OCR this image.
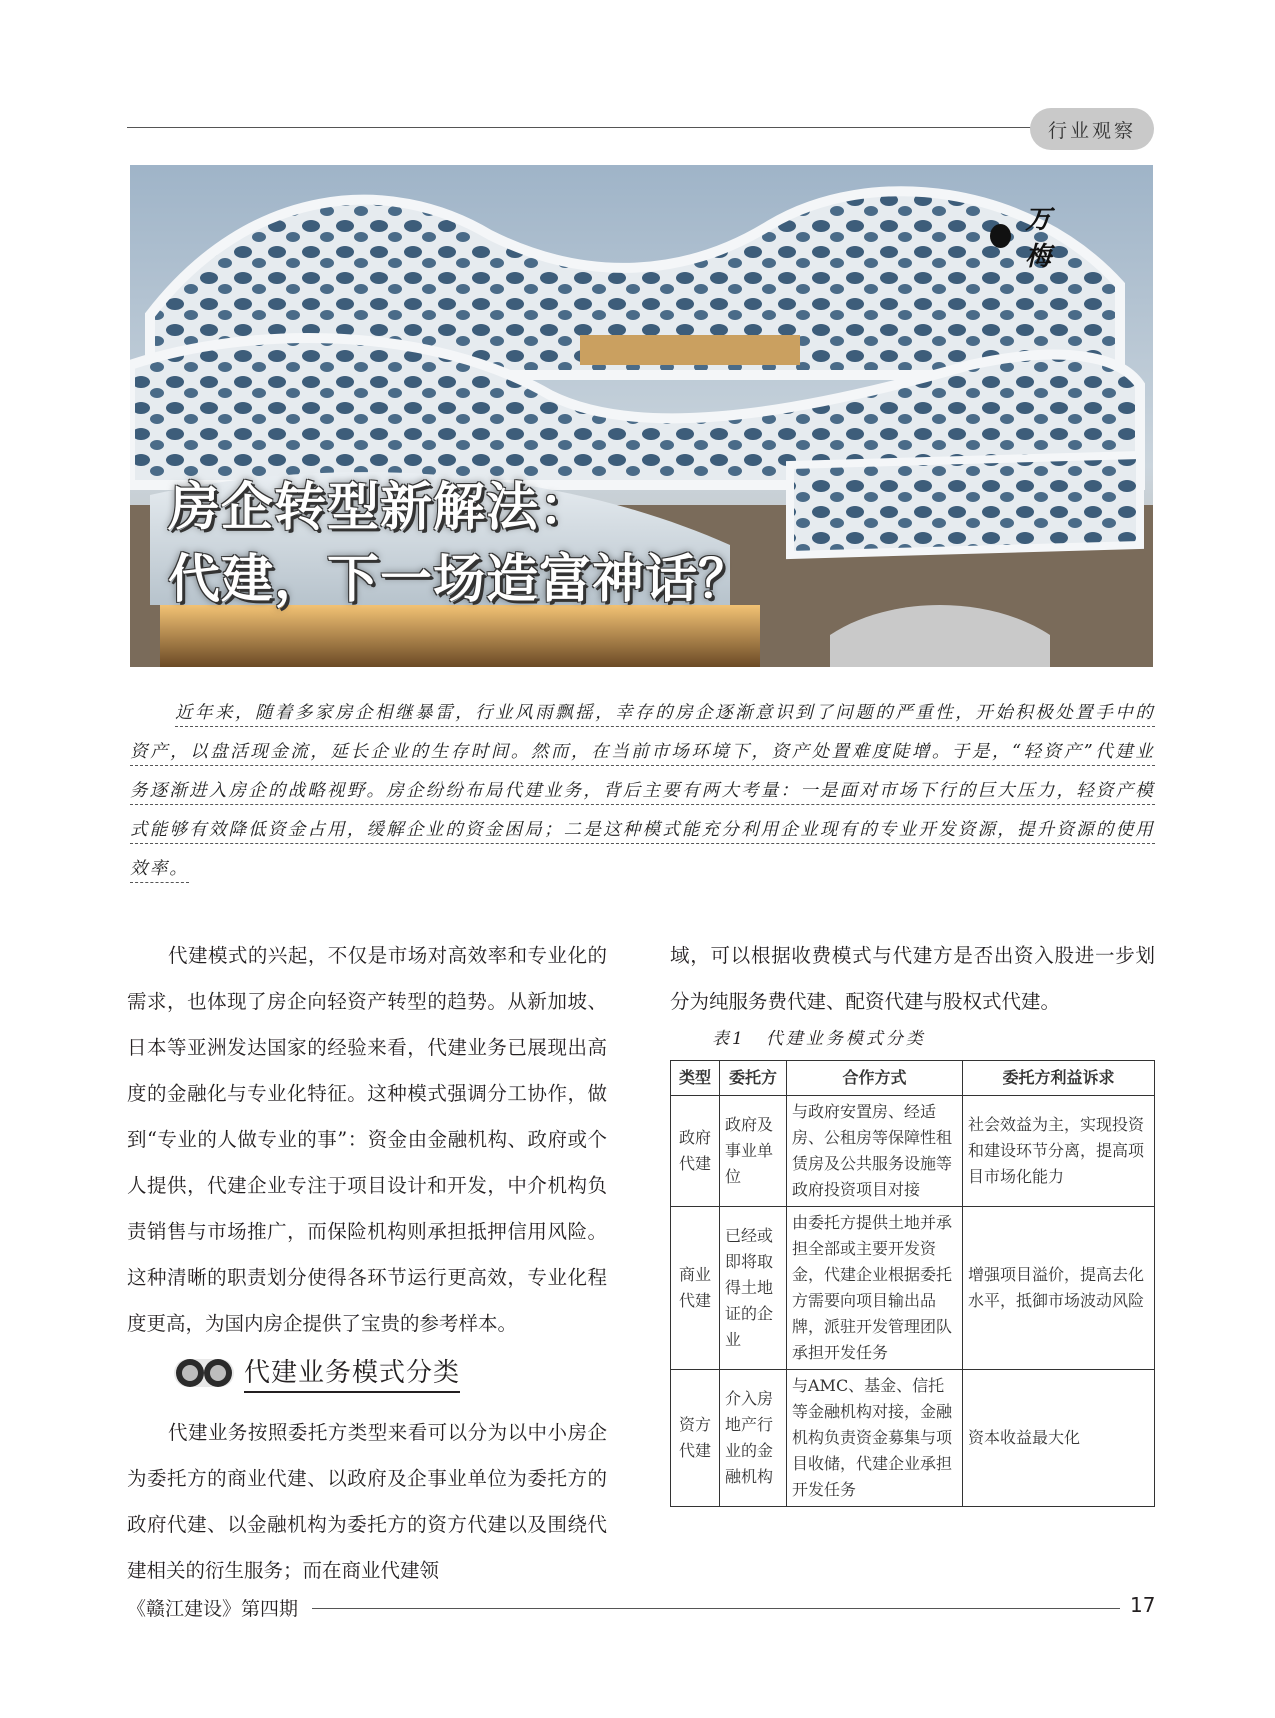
行业观察
万 梅
房企转型新解法：
代建，下一场造富神话？
近年来，随着多家房企相继暴雷，行业风雨飘摇，幸存的房企逐渐意识到了问题的严重性，开始积极处置手中的资产，以盘活现金流，延长企业的生存时间。然而，在当前市场环境下，资产处置难度陡增。于是，“轻资产”代建业务逐渐进入房企的战略视野。房企纷纷布局代建业务，背后主要有两大考量：一是面对市场下行的巨大压力，轻资产模式能够有效降低资金占用，缓解企业的资金困局；二是这种模式能充分利用企业现有的专业开发资源，提升资源的使用效率。

代建模式的兴起，不仅是市场对高效率和专业化的需求，也体现了房企向轻资产转型的趋势。从新加坡、日本等亚洲发达国家的经验来看，代建业务已展现出高度的金融化与专业化特征。这种模式强调分工协作，做到“专业的人做专业的事”：资金由金融机构、政府或个人提供，代建企业专注于项目设计和开发，中介机构负责销售与市场推广，而保险机构则承担抵押信用风险。这种清晰的职责划分使得各环节运行更高效，专业化程度更高，为国内房企提供了宝贵的参考样本。

代建业务模式分类

代建业务按照委托方类型来看可以分为以中小房企为委托方的商业代建、以政府及企事业单位为委托方的政府代建、以金融机构为委托方的资方代建以及围绕代建相关的衍生服务；而在商业代建领

域，可以根据收费模式与代建方是否出资入股进一步划分为纯服务费代建、配资代建与股权式代建。

表1　代建业务模式分类
类型	委托方	合作方式	委托方利益诉求
政府代建	政府及事业单位	与政府安置房、经适房、公租房等保障性租赁房及公共服务设施等政府投资项目对接	社会效益为主，实现投资和建设环节分离，提高项目市场化能力
商业代建	已经或即将取得土地证的企业	由委托方提供土地并承担全部或主要开发资金，代建企业根据委托方需要向项目输出品牌，派驻开发管理团队承担开发任务	增强项目溢价，提高去化水平，抵御市场波动风险
资方代建	介入房地产行业的金融机构	与AMC、基金、信托等金融机构对接，金融机构负责资金募集与项目收储，代建企业承担开发任务	资本收益最大化
《赣江建设》第四期	17
